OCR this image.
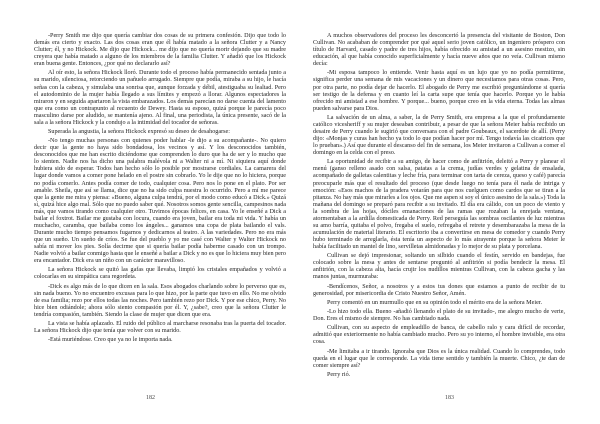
-Perry Smith me dijo que quería cambiar dos cosas de su primera confesión. Dijo que todo lo demás era cierto y exacto. Las dos cosas eran que él había matado a la señora Clutter y a Nancy Clutter; él, y no Hickock. Me dijo que Hickock... me dijo que no quería morir dejando que su madre creyera que había matado a alguno de los miembros de la familia Clutter. Y añadió que los Hickock eran buena gente. Entonces, ¿por qué no declararlo así?

Al oír esto, la señora Hickock lloró. Durante todo el proceso había permanecido sentada junto a su marido, silenciosa, retorciendo un pañuelo arrugado. Siempre que podía, miraba a su hijo, le hacía señas con la cabeza, y simulaba una sonrisa que, aunque forzada y débil, atestiguaba su lealtad. Pero el autodominio de la mujer había llegado a sus límites y empezó a llorar. Algunos espectadores la miraron y en seguida apartaron la vista embarazados. Los demás parecían no darse cuenta del lamento que era como un contrapunto al recuento de Dewey. Hasta su esposo, quizá porque le parecía poco masculino darse por aludido, se mantenía ajeno. Al final, una periodista, la única presente, sacó de la sala a la señora Hickock y la condujo a la intimidad del tocador de señoras.

Superada la angustia, la señora Hickock expresó su deseo de desahogarse:

-No tengo muchas personas con quienes poder hablar -le dijo a su acompañante-. No quiero decir que la gente no haya sido bondadosa, los vecinos y así. Y los desconocidos también, desconocidos que me han escrito diciéndome que comprenden lo duro que ha de ser y lo mucho que lo sienten. Nadie nos ha dicho una palabra malévola ni a Walter ni a mí. Ni siquiera aquí donde hubiera sido de esperar. Todos han hecho sólo lo posible por mostrarse cordiales. La camarera del lugar donde vamos a comer pone helado en el postre sin cobrarlo. Yo le dije que no lo hiciera, porque no podía comerlo. Antes podía comer de todo, cualquier cosa. Pero nos lo pone en el plato. Por ser amable. Sheila, que así se llama, dice que no ha sido culpa nuestra lo ocurrido. Pero a mí me parece que la gente me mira y piensa: «Bueno, alguna culpa tendrá, por el modo como educó a Dick.» Quizá sí, quizá hice algo mal. Sólo que no puedo saber qué. Nosotros somos gente sencilla, campesinos nada más, que vamos tirando como cualquier otro. Tuvimos épocas felices, en casa. Yo le enseñé a Dick a bailar el foxtrot. Bailar me gustaba con locura, cuando era joven, bailar era toda mi vida. Y había un muchacho, caramba, que bailaba como los ángeles... ganamos una copa de plata bailando el vals. Durante mucho tiempo pensamos fugarnos y dedicarnos al teatro. A las variedades. Pero no era más que un sueño. Un sueño de críos. Se fue del pueblo y yo me casé con Walter y Walter Hickock no sabía ni mover los pies. Solía decirme que si quería bailar podía haberme casado con un trompo. Nadie volvió a bailar conmigo hasta que le enseñé a bailar a Dick y no es que lo hiciera muy bien pero era encantador. Dick era un niño con un carácter maravilloso.

La señora Hickock se quitó las gafas que llevaba, limpió los cristales empañados y volvió a colocarlas en su simpática cara regordeta.

-Dick es algo más de lo que dicen en la sala. Esos abogados charlando sobre lo perverso que es, sin nada bueno. Yo no encuentro excusas para lo que hizo, por la parte que tuvo en ello. No me olvido de esa familia; rezo por ellos todas las noches. Pero también rezo por Dick. Y por ese chico, Perry. No hice bien odiándole; ahora sólo siento compasión por él. Y, ¿sabe?, creo que la señora Clutter le tendría compasión, también. Siendo la clase de mujer que dicen que era.

La vista se había aplazado. El ruido del público al marcharse resonaba tras la puerta del tocador. La señora Hickock dijo que tenía que volver con su marido.

-Está muriéndose. Creo que ya no le importa nada.

182

A muchos observadores del proceso les desconcertó la presencia del visitante de Boston, Don Cullivan. No acababan de comprender por qué aquel serio joven católico, un ingeniero próspero con título de Harvard, casado y padre de tres hijos, había ofrecido su amistad a un asesino mestizo, sin educación, al que había conocido superficialmente y hacía nueve años que no veía. Cullivan mismo decía:

-Mi esposa tampoco lo entiende. Venir hasta aquí es un lujo que yo no podía permitirme, significa perder una semana de mis vacaciones y un dinero que necesitamos para otras cosas. Pero, por otra parte, no podía dejar de hacerlo. El abogado de Perry me escribió preguntándome si quería ser testigo de la defensa y en cuanto leí la carta supe que tenía que hacerlo. Porque yo le había ofrecido mi amistad a ese hombre. Y porque... bueno, porque creo en la vida eterna. Todas las almas pueden salvarse para Dios.

La salvación de un alma, a saber, la de Perry Smith, era empresa a la que el profundamente católico vicesheriff y su mujer deseaban contribuir, a pesar de que la señora Meier había recibido un desaire de Perry cuando le sugirió que conversara con el padre Goubeaux, el sacerdote de allí. (Perry dijo: «Monjas y curas han hecho ya todo lo que podían hacer por mí. Tengo todavía las cicatrices que lo prueban».) Así que durante el descanso del fin de semana, los Meier invitaron a Cullivan a comer el domingo en la celda con el preso.

La oportunidad de recibir a su amigo, de hacer como de anfitrión, deleitó a Perry y planear el menú (ganso relleno asado con salsa, patatas a la crema, judías verdes y gelatina de ensalada, acompañado de galletas calentitas y leche fría, para terminar con tarta de cereza, queso y café) parecía preocuparle más que el resultado del proceso (que desde luego no tenía para él nada de intriga y emoción: «Esos machos de la pradera votarán para que nos cuelguen como cardos que se tiran a la pitanza. No hay más que mirarles a los ojos. Que me aspen si soy el único asesino de la sala.») Toda la mañana del domingo se preparó para recibir a su invitado. El día era cálido, con un poco de viento y la sombra de las hojas, dóciles emanaciones de las ramas que rozaban la enrejada ventana, atormentaban a la ardilla domesticada de Perry. Red perseguía las sombras oscilantes de luz mientras su amo barría, quitaba el polvo, fregaba el suelo, refregaba el retrete y desembarazaba la mesa de la acumulación de material literario. El escritorio iba a convertirse en mesa de comedor y cuando Perry hubo terminado de arreglarla, ésta tenía un aspecto de lo más atrayente porque la señora Meier le había facilitado un mantel de lino, servilletas almidonadas y lo mejor de su plata y porcelana.

Cullivan se dejó impresionar, soltando un silbido cuando el festín, servido en bandejas, fue colocado sobre la mesa y antes de sentarse preguntó al anfitrión si podía bendecir la mesa. El anfitrión, con la cabeza alta, hacía crujir los nudillos mientras Cullivan, con la cabeza gacha y las manos juntas, murmuraba:

-Bendícenos, Señor, a nosotros y a estos tus dones que estamos a punto de recibir de tu generosidad, por misericordia de Cristo Nuestro Señor, Amén.

Perry comentó en un murmullo que en su opinión todo el mérito era de la señora Meier.

-Lo hizo todo ella. Bueno -añadió llenando el plato de su invitado-, me alegro mucho de verte, Don. Eres el mismo de siempre. No has cambiado nada.

Cullivan, con su aspecto de empleadillo de banca, de cabello ralo y cara difícil de recordar, admitió que exteriormente no había cambiado mucho. Pero su yo interno, el hombre invisible, era otra cosa.

-Me limitaba a ir tirando. Ignoraba que Dios es la única realidad. Cuando lo comprendes, todo queda en el lugar que le corresponde. La vida tiene sentido y también la muerte. Chico, ¿te dan de comer siempre así?

Perry rió.

183
